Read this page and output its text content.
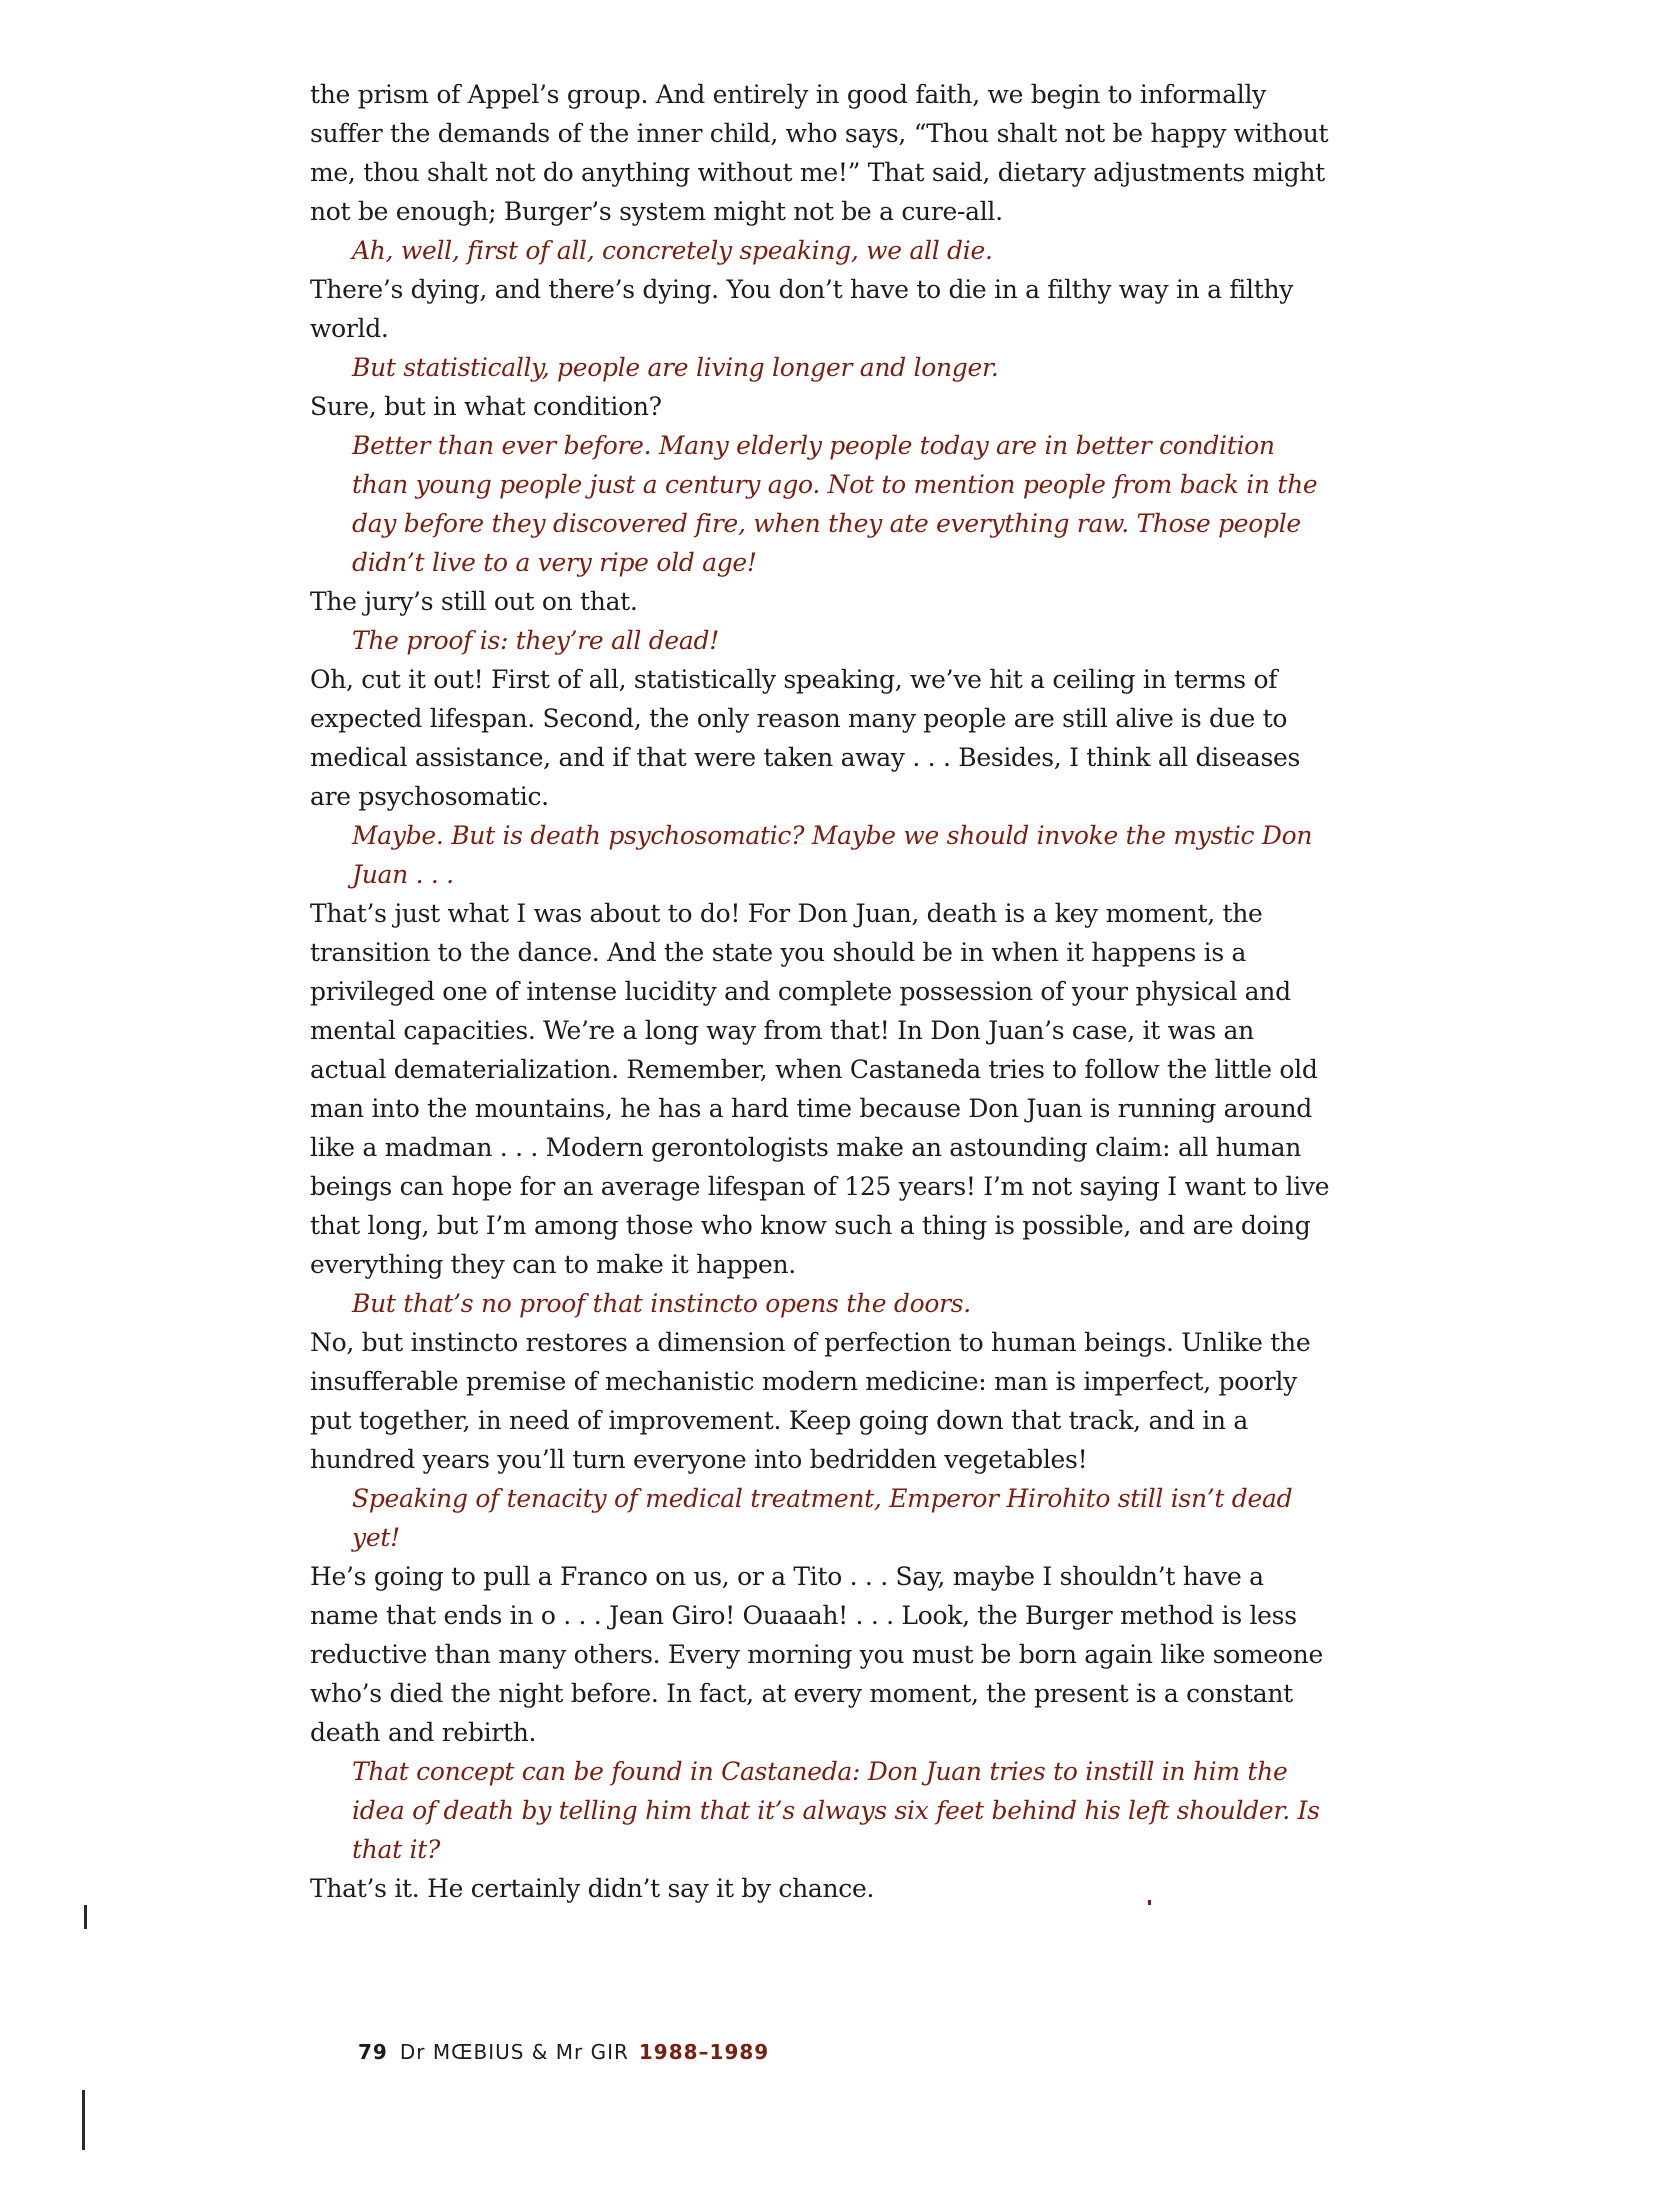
the prism of Appel’s group. And entirely in good faith, we begin to informally suffer the demands of the inner child, who says, “Thou shalt not be happy without me, thou shalt not do anything without me!” That said, dietary adjustments might not be enough; Burger’s system might not be a cure-all.

Ah, well, first of all, concretely speaking, we all die.

There’s dying, and there’s dying. You don’t have to die in a filthy way in a filthy world.

But statistically, people are living longer and longer.

Sure, but in what condition?

Better than ever before. Many elderly people today are in better condition than young people just a century ago. Not to mention people from back in the day before they discovered fire, when they ate everything raw. Those people didn’t live to a very ripe old age!

The jury’s still out on that.

The proof is: they’re all dead!

Oh, cut it out! First of all, statistically speaking, we’ve hit a ceiling in terms of expected lifespan. Second, the only reason many people are still alive is due to medical assistance, and if that were taken away . . . Besides, I think all diseases are psychosomatic.

Maybe. But is death psychosomatic? Maybe we should invoke the mystic Don Juan . . .

That’s just what I was about to do! For Don Juan, death is a key moment, the transition to the dance. And the state you should be in when it happens is a privileged one of intense lucidity and complete possession of your physical and mental capacities. We’re a long way from that! In Don Juan’s case, it was an actual dematerialization. Remember, when Castaneda tries to follow the little old man into the mountains, he has a hard time because Don Juan is running around like a madman . . . Modern gerontologists make an astounding claim: all human beings can hope for an average lifespan of 125 years! I’m not saying I want to live that long, but I’m among those who know such a thing is possible, and are doing everything they can to make it happen.

But that’s no proof that instincto opens the doors.

No, but instincto restores a dimension of perfection to human beings. Unlike the insufferable premise of mechanistic modern medicine: man is imperfect, poorly put together, in need of improvement. Keep going down that track, and in a hundred years you’ll turn everyone into bedridden vegetables!

Speaking of tenacity of medical treatment, Emperor Hirohito still isn’t dead yet!

He’s going to pull a Franco on us, or a Tito . . . Say, maybe I shouldn’t have a name that ends in o . . . Jean Giro! Ouaaah! . . . Look, the Burger method is less reductive than many others. Every morning you must be born again like someone who’s died the night before. In fact, at every moment, the present is a constant death and rebirth.

That concept can be found in Castaneda: Don Juan tries to instill in him the idea of death by telling him that it’s always six feet behind his left shoulder. Is that it?

That’s it. He certainly didn’t say it by chance.

79 Dr MŒBIUS & Mr GIR 1988–1989
